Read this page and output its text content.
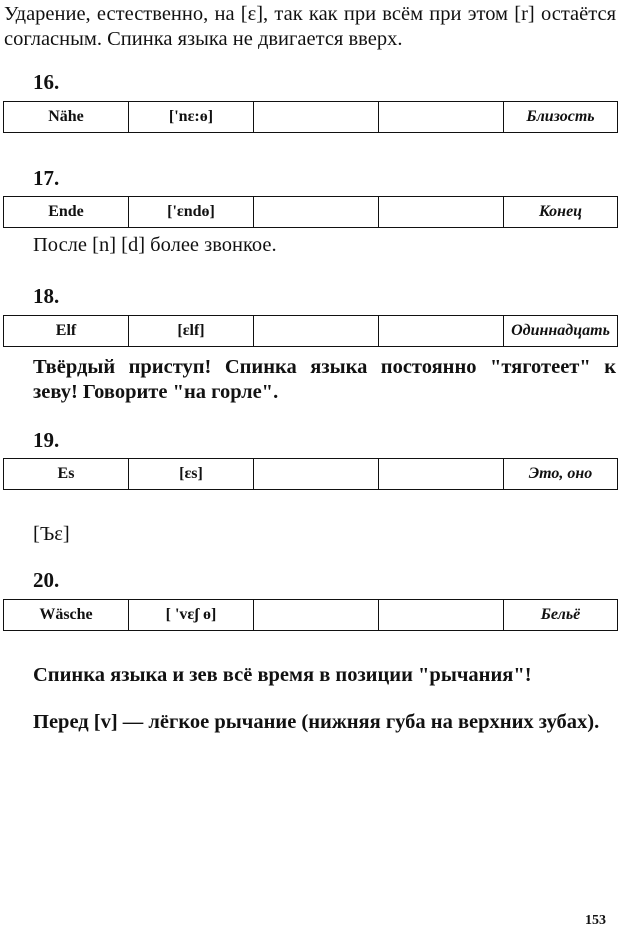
Ударение, естественно, на [ɛ], так как при всём при этом [r] остаётся согласным. Спинка языка не двигается вверх.
16.
Nähe	['nɛ:ɵ]			Близость
17.
Ende	['ɛndɵ]			Конец
После [n] [d] более звонкое.
18.
Elf	[ɛlf]			Одиннадцать
Твёрдый приступ! Спинка языка постоянно "тяготеет" к зеву! Говорите "на горле".
19.
Es	[ɛs]			Это, оно
[Ъɛ]
20.
Wäsche	[ 'vɛʃ ɵ]			Бельё
Спинка языка и зев всё время в позиции "рычания"!
Перед [v] — лёгкое рычание (нижняя губа на верхних зубах).
153
